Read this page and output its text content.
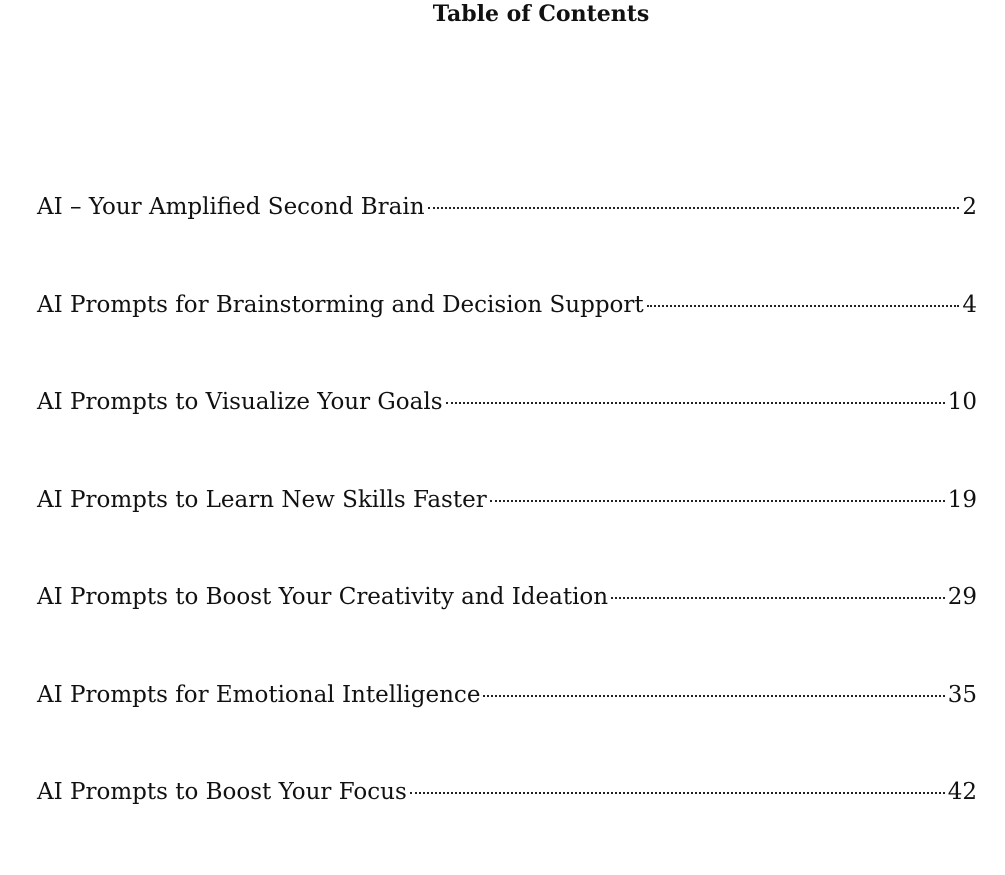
Table of Contents
AI – Your Amplified Second Brain	2
AI Prompts for Brainstorming and Decision Support	4
AI Prompts to Visualize Your Goals	10
AI Prompts to Learn New Skills Faster	19
AI Prompts to Boost Your Creativity and Ideation	29
AI Prompts for Emotional Intelligence	35
AI Prompts to Boost Your Focus	42
